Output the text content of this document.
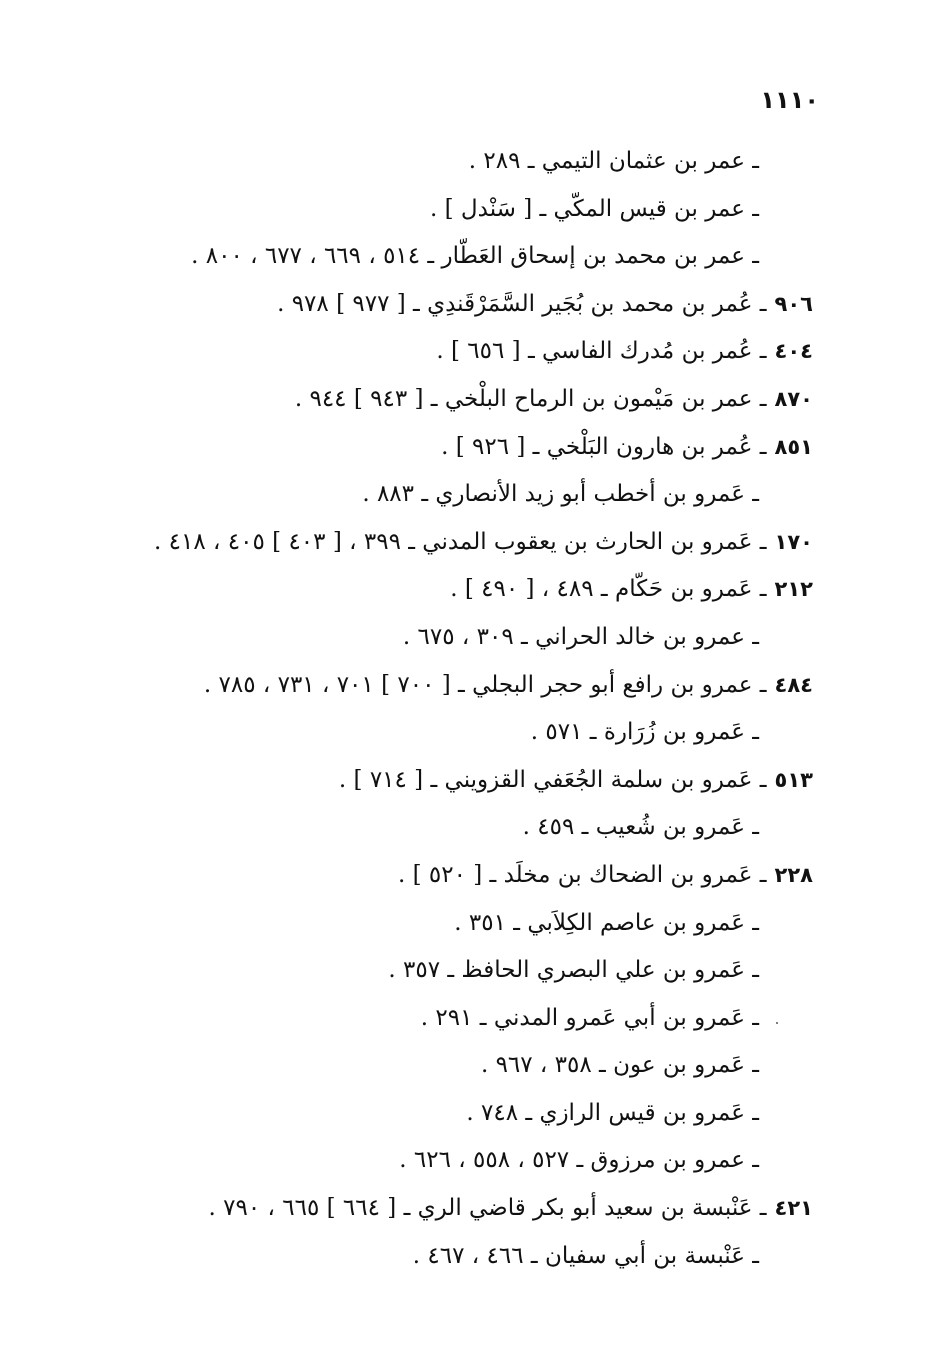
١١١٠
ـ عمر بن عثمان التيمي ـ ٢٨٩ .
ـ عمر بن قيس المكّي ـ [ سَنْدل ] .
ـ عمر بن محمد بن إسحاق العَطّار ـ ٥١٤ ، ٦٦٩ ، ٦٧٧ ، ٨٠٠ .
٩٠٦ـ عُمر بن محمد بن بُجَير السَّمَرْقَندِي ـ [ ٩٧٧ ] ٩٧٨ .
٤٠٤ـ عُمر بن مُدرك الفاسي ـ [ ٦٥٦ ] .
٨٧٠ـ عمر بن مَيْمون بن الرماح البلْخي ـ [ ٩٤٣ ] ٩٤٤ .
٨٥١ـ عُمر بن هارون البَلْخي ـ [ ٩٢٦ ] .
ـ عَمرو بن أخطب أبو زيد الأنصاري ـ ٨٨٣ .
١٧٠ـ عَمرو بن الحارث بن يعقوب المدني ـ ٣٩٩ ، [ ٤٠٣ ] ٤٠٥ ، ٤١٨ .
٢١٢ـ عَمرو بن حَكّام ـ ٤٨٩ ، [ ٤٩٠ ] .
ـ عمرو بن خالد الحراني ـ ٣٠٩ ، ٦٧٥ .
٤٨٤ـ عمرو بن رافع أبو حجر البجلي ـ [ ٧٠٠ ] ٧٠١ ، ٧٣١ ، ٧٨٥ .
ـ عَمرو بن زُرَارة ـ ٥٧١ .
٥١٣ـ عَمرو بن سلمة الجُعَفي القزويني ـ [ ٧١٤ ] .
ـ عَمرو بن شُعيب ـ ٤٥٩ .
٢٢٨ـ عَمرو بن الضحاك بن مخلَد ـ [ ٥٢٠ ] .
ـ عَمرو بن عاصم الكِلاَبي ـ ٣٥١ .
ـ عَمرو بن علي البصري الحافظ ـ ٣٥٧ .
ـ عَمرو بن أبي عَمرو المدني ـ ٢٩١ .
ـ عَمرو بن عون ـ ٣٥٨ ، ٩٦٧ .
ـ عَمرو بن قيس الرازي ـ ٧٤٨ .
ـ عمرو بن مرزوق ـ ٥٢٧ ، ٥٥٨ ، ٦٢٦ .
٤٢١ـ عَنْبسة بن سعيد أبو بكر قاضي الري ـ [ ٦٦٤ ] ٦٦٥ ، ٧٩٠ .
ـ عَنْبسة بن أبي سفيان ـ ٤٦٦ ، ٤٦٧ .
